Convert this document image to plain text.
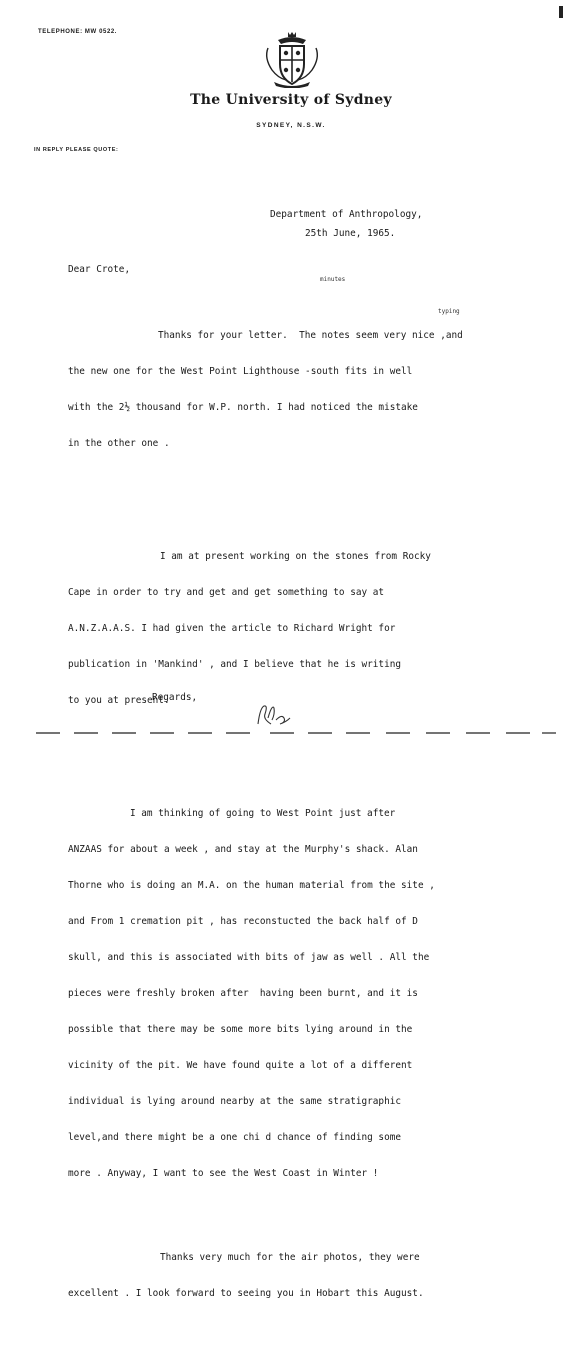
TELEPHONE: MW 0522.
The University of Sydney
SYDNEY, N.S.W.
IN REPLY PLEASE QUOTE:
Department of Anthropology,
25th June, 1965.
Dear Crote,
minutes
typing

Thanks for your letter.  The notes seem very nice ,and

the new one for the West Point Lighthouse -south fits in well

with the 2½ thousand for W.P. north. I had noticed the mistake

in the other one .

I am at present working on the stones from Rocky

Cape in order to try and get and get something to say at

A.N.Z.A.A.S. I had given the article to Richard Wright for

publication in 'Mankind' , and I believe that he is writing

to you at present.

I am thinking of going to West Point just after

ANZAAS for about a week , and stay at the Murphy's shack. Alan

Thorne who is doing an M.A. on the human material from the site ,

and From 1 cremation pit , has reconstucted the back half of D

skull, and this is associated with bits of jaw as well . All the

pieces were freshly broken after  having been burnt, and it is

possible that there may be some more bits lying around in the

vicinity of the pit. We have found quite a lot of a different

individual is lying around nearby at the same stratigraphic

level,and there might be a one chi d chance of finding some

more . Anyway, I want to see the West Coast in Winter !

Thanks very much for the air photos, they were

excellent . I look forward to seeing you in Hobart this August.

Regards,
